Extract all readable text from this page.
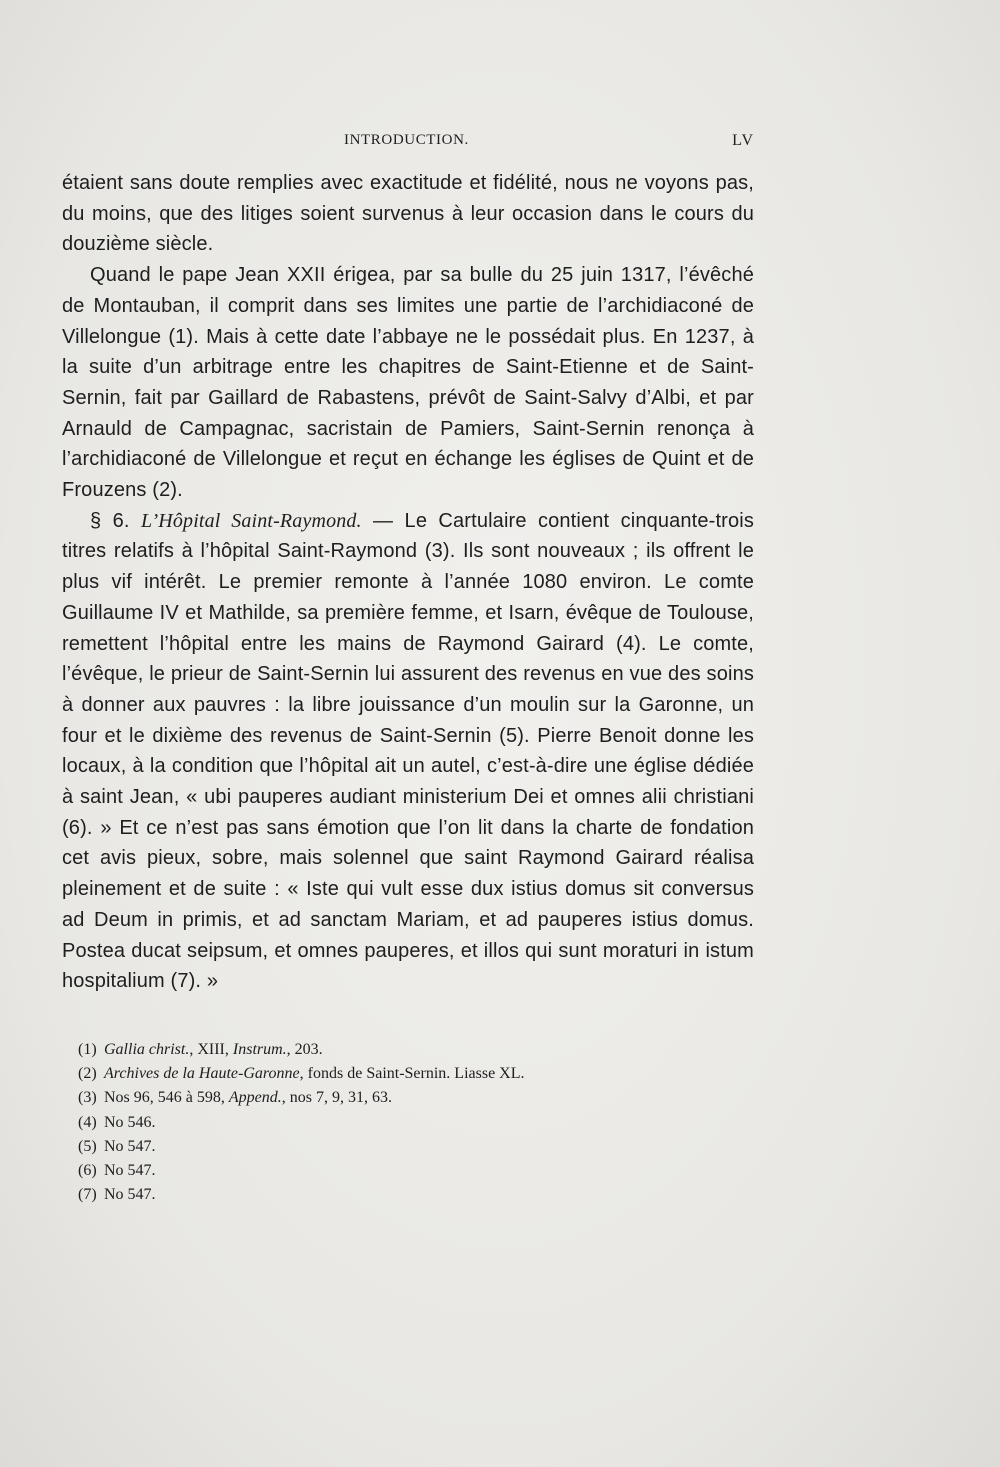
INTRODUCTION.	LV

étaient sans doute remplies avec exactitude et fidélité, nous ne voyons pas, du moins, que des litiges soient survenus à leur occasion dans le cours du douzième siècle.

Quand le pape Jean XXII érigea, par sa bulle du 25 juin 1317, l’évêché de Montauban, il comprit dans ses limites une partie de l’archidiaconé de Villelongue (1). Mais à cette date l’abbaye ne le possédait plus. En 1237, à la suite d’un arbitrage entre les chapitres de Saint-Etienne et de Saint-Sernin, fait par Gaillard de Rabastens, prévôt de Saint-Salvy d’Albi, et par Arnauld de Campagnac, sacristain de Pamiers, Saint-Sernin renonça à l’archidiaconé de Villelongue et reçut en échange les églises de Quint et de Frouzens (2).

§ 6. L’Hôpital Saint-Raymond. — Le Cartulaire contient cinquante-trois titres relatifs à l’hôpital Saint-Raymond (3). Ils sont nouveaux ; ils offrent le plus vif intérêt. Le premier remonte à l’année 1080 environ. Le comte Guillaume IV et Mathilde, sa première femme, et Isarn, évêque de Toulouse, remettent l’hôpital entre les mains de Raymond Gairard (4). Le comte, l’évêque, le prieur de Saint-Sernin lui assurent des revenus en vue des soins à donner aux pauvres : la libre jouissance d’un moulin sur la Garonne, un four et le dixième des revenus de Saint-Sernin (5). Pierre Benoit donne les locaux, à la condition que l’hôpital ait un autel, c’est-à-dire une église dédiée à saint Jean, « ubi pauperes audiant ministerium Dei et omnes alii christiani (6). » Et ce n’est pas sans émotion que l’on lit dans la charte de fondation cet avis pieux, sobre, mais solennel que saint Raymond Gairard réalisa pleinement et de suite : « Iste qui vult esse dux istius domus sit conversus ad Deum in primis, et ad sanctam Mariam, et ad pauperes istius domus. Postea ducat seipsum, et omnes pauperes, et illos qui sunt moraturi in istum hospitalium (7). »

(1) Gallia christ., XIII, Instrum., 203.
(2) Archives de la Haute-Garonne, fonds de Saint-Sernin. Liasse XL.
(3) Nos 96, 546 à 598, Append., nos 7, 9, 31, 63.
(4) No 546.
(5) No 547.
(6) No 547.
(7) No 547.
